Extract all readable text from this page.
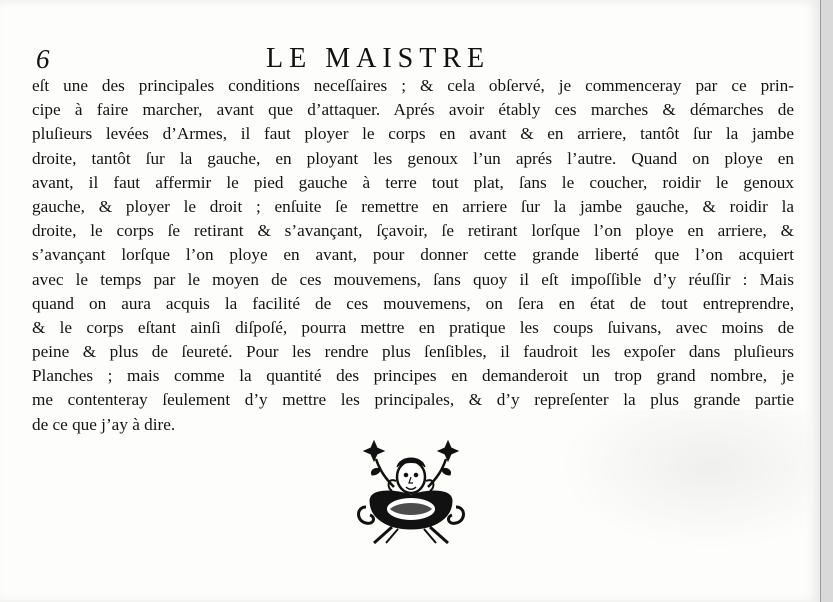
6	LE MAISTRE
eſt une des principales conditions neceſſaires ; & cela obſervé, je commenceray par ce prin-
cipe à faire marcher, avant que d’attaquer. Aprés avoir étably ces marches & démarches de
pluſieurs levées d’Armes, il faut ployer le corps en avant & en arriere, tantôt ſur la jambe
droite, tantôt ſur la gauche, en ployant les genoux l’un aprés l’autre. Quand on ploye en
avant, il faut affermir le pied gauche à terre tout plat, ſans le coucher, roidir le genoux
gauche, & ployer le droit ; enſuite ſe remettre en arriere ſur la jambe gauche, & roidir la
droite, le corps ſe retirant & s’avançant, ſçavoir, ſe retirant lorſque l’on ploye en arriere, &
s’avançant lorſque l’on ploye en avant, pour donner cette grande liberté que l’on acquiert
avec le temps par le moyen de ces mouvemens, ſans quoy il eſt impoſſible d’y réuſſir : Mais
quand on aura acquis la facilité de ces mouvemens, on ſera en état de tout entreprendre,
& le corps eſtant ainſi diſpoſé, pourra mettre en pratique les coups ſuivans, avec moins de
peine & plus de ſeureté. Pour les rendre plus ſenſibles, il faudroit les expoſer dans pluſieurs
Planches ; mais comme la quantité des principes en demanderoit un trop grand nombre, je
me contenteray ſeulement d’y mettre les principales, & d’y repreſenter la plus grande partie
de ce que j’ay à dire.
